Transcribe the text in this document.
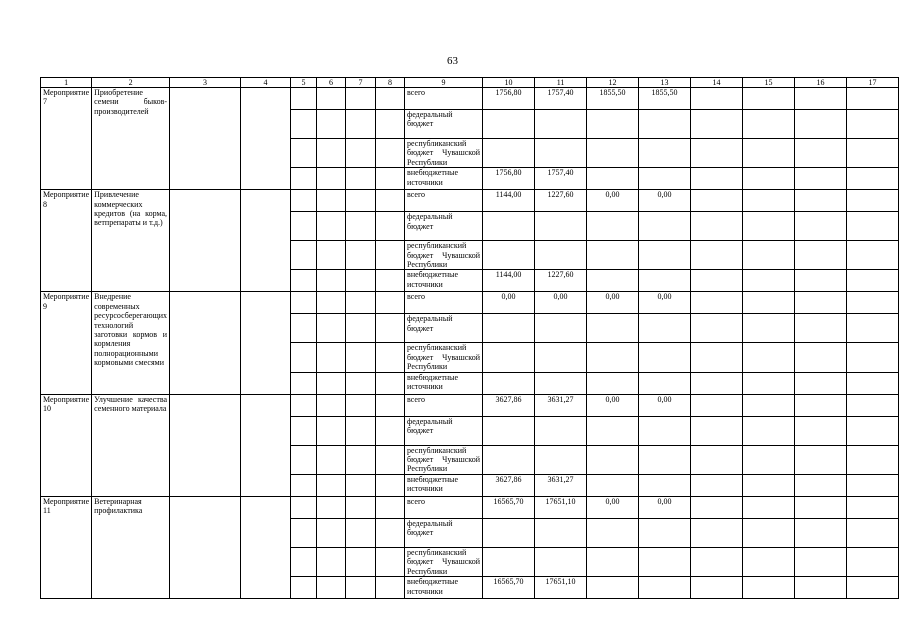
63
1	2	3	4	5	6	7	8	9	10	11	12	13	14	15	16	17
Мероприятие 7	Приобретение семени быков-производителей							всего	1756,80	1757,40	1855,50	1855,50				
								федеральный бюджет								
								республиканский бюджет Чувашской Республики								
								внебюджетные источники	1756,80	1757,40						
Мероприятие 8	Привлечение коммерческих кредитов (на корма, ветпрепараты и т.д.)							всего	1144,00	1227,60	0,00	0,00				
								федеральный бюджет								
								республиканский бюджет Чувашской Республики								
								внебюджетные источники	1144,00	1227,60						
Мероприятие 9	Внедрение современных ресурсосберегающих технологий заготовки кормов и кормления полнорационными кормовыми смесями							всего	0,00	0,00	0,00	0,00				
								федеральный бюджет								
								республиканский бюджет Чувашской Республики								
								внебюджетные источники								
Мероприятие 10	Улучшение качества семенного материала							всего	3627,86	3631,27	0,00	0,00				
								федеральный бюджет								
								республиканский бюджет Чувашской Республики								
								внебюджетные источники	3627,86	3631,27						
Мероприятие 11	Ветеринарная профилактика							всего	16565,70	17651,10	0,00	0,00				
								федеральный бюджет								
								республиканский бюджет Чувашской Республики								
								внебюджетные источники	16565,70	17651,10						
